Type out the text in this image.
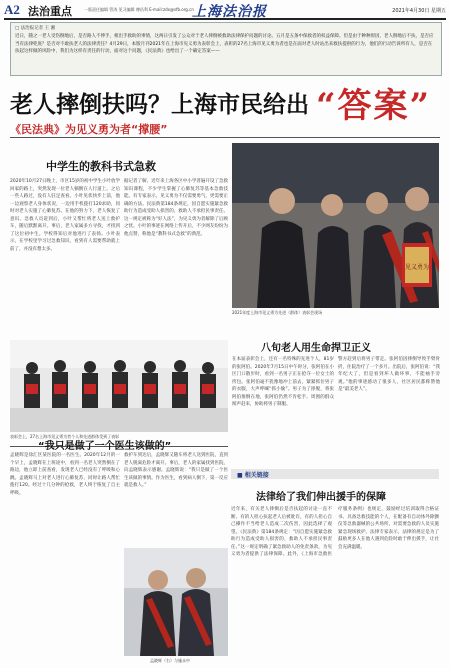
A2 法治重点	一版责任编辑 管涛 见习编辑 傅昌利 E-mail:zdx@sfb.org.cn
上海法治报	2021年4月30日 星期五
□ 法治报记者 王 湘
近日，随之一老人受伤倒地后，是否路人不伸手，相出手救助的事情，这两日引发了公众对于老人摔倒被救助法律保护问题的讨论。五月是五条中保救者的权益保障。但是由于种种原因，老人倒地后不扶，是否应当有法律兜底？是否对不敢扶老人的法律责任？4月29日，本版月刊2021年在上海市见义勇为表彰会上，表彰的27名上海市见义勇为者也是在面对老人时站出来救扶提供的行为，他们的行动告诉所有人，是否在扶起这样做的风险中，我们为这样有责任的行动，面对这个问题，《民法典》也给出了一个确定答案——
老人摔倒扶吗？上海市民给出 “答案”
《民法典》为见义勇为者“撑腰”
中学生的教科书式急救
2020年10月27日晚上，市区15岁的初中学生小叶放学回家的路上，突然发现一位老人躺倒在人行道上。之后一些人路过，没有人驻足查看。小叶见状快步上前，他一边观察老人身体状况，一边用手机拨打120求助，同时对老人实施了心肺复苏。在他的努力下，老人恢复了意识。急救人员赶到后，小叶又帮忙将老人送上救护车，随后默默离开。事后，老人家属多方寻找，才找到了这位初中生。学校得知后对他进行了表扬。小叶表示，在学校里学习过急救知识，看到有人需要帮助就上前了，并没有想太多。
据记者了解，近年来上海各区中小学普遍开设了急救知识课程，不少学生掌握了心肺复苏等基本急救技能。有专家表示，见义勇为不仅需要勇气，更需要正确的方法。民法典第184条规定，因自愿实施紧急救助行为造成受助人损害的，救助人不承担民事责任。这一规定被称为“好人法”，为见义勇为者解除了后顾之忧。小叶的事迹在网络上传开后，不少网友纷纷为他点赞，称他是“教科书式急救”的典范。
见义勇为
2021年度上海市见义勇为先进（群体）表彰会现场
表彰会上，27名上海市见义勇为者个人和先进群体受到了表彰
八旬老人用生命捍卫正义
在本届表彰会上，还有一名特殊的先进个人，81岁的张阿伯。2020年7月15日中午时分，张阿伯在小区门口散步时，看到一名男子正在抢夺一位女士的挎包。张阿伯毫不犹豫地冲上前去，紧紧抓住男子的衣服，大声呼喊“抓小偷”。男子为了挣脱，将张阿伯推倒在地，张阿伯仍然不肯松手。周围的群众闻声赶来，协助将男子制服。
警方赶到后将男子带走。张阿伯因摔倒导致手臂骨折，住院治疗了一个多月。出院后，张阿伯说：“我年纪大了，但是看到坏人做坏事，不能袖手旁观。”他的事迹感动了很多人，社区居民都称赞他是“最美老人”。
“我只是做了一个医生该做的”
孟晓辉是徐汇区某医院的一名医生。2020年12月的一个早上，孟晓辉在上班途中，看到一名老人突然倒在了路边，他立即上前查看，发现老人已经没有了呼吸和心跳。孟晓辉马上对老人进行心肺复苏，同时让路人帮忙拨打120。经过十几分钟的抢救，老人终于恢复了自主呼吸。
救护车到达后，孟晓辉又随车将老人送到医院，直到老人脱离危险才离开。事后，老人的家属找到医院，向孟晓辉表示感谢。孟晓辉说：“我只是做了一个医生该做的事情。作为医生，看到病人倒下，第一反应就是救人。”
孟晓辉（右）与施永中
■ 相关链接
法律给了我们伸出援手的保障
近年来，有关老人摔倒后是否扶起的讨论一直不断。有的人担心扶起老人后被讹诈，有的人担心自己操作不当给老人造成二次伤害，因此选择了观望。《民法典》第184条规定：“因自愿实施紧急救助行为造成受助人损害的，救助人不承担民事责任。”这一规定明确了紧急救助人的免责条款，为见义勇为者提供了法律保障。此外，《上海市急救医疗服务条例》也规定，鼓励经过培训取得合格证书、具备急救技能的个人，在配备有自动体外除颤仪等急救器械的公共场所，对需要急救的人员实施紧急现场救护。法律专家表示，法律的规定是为了鼓励更多人在他人遇到危险时敢于伸出援手，让社会充满温暖。
